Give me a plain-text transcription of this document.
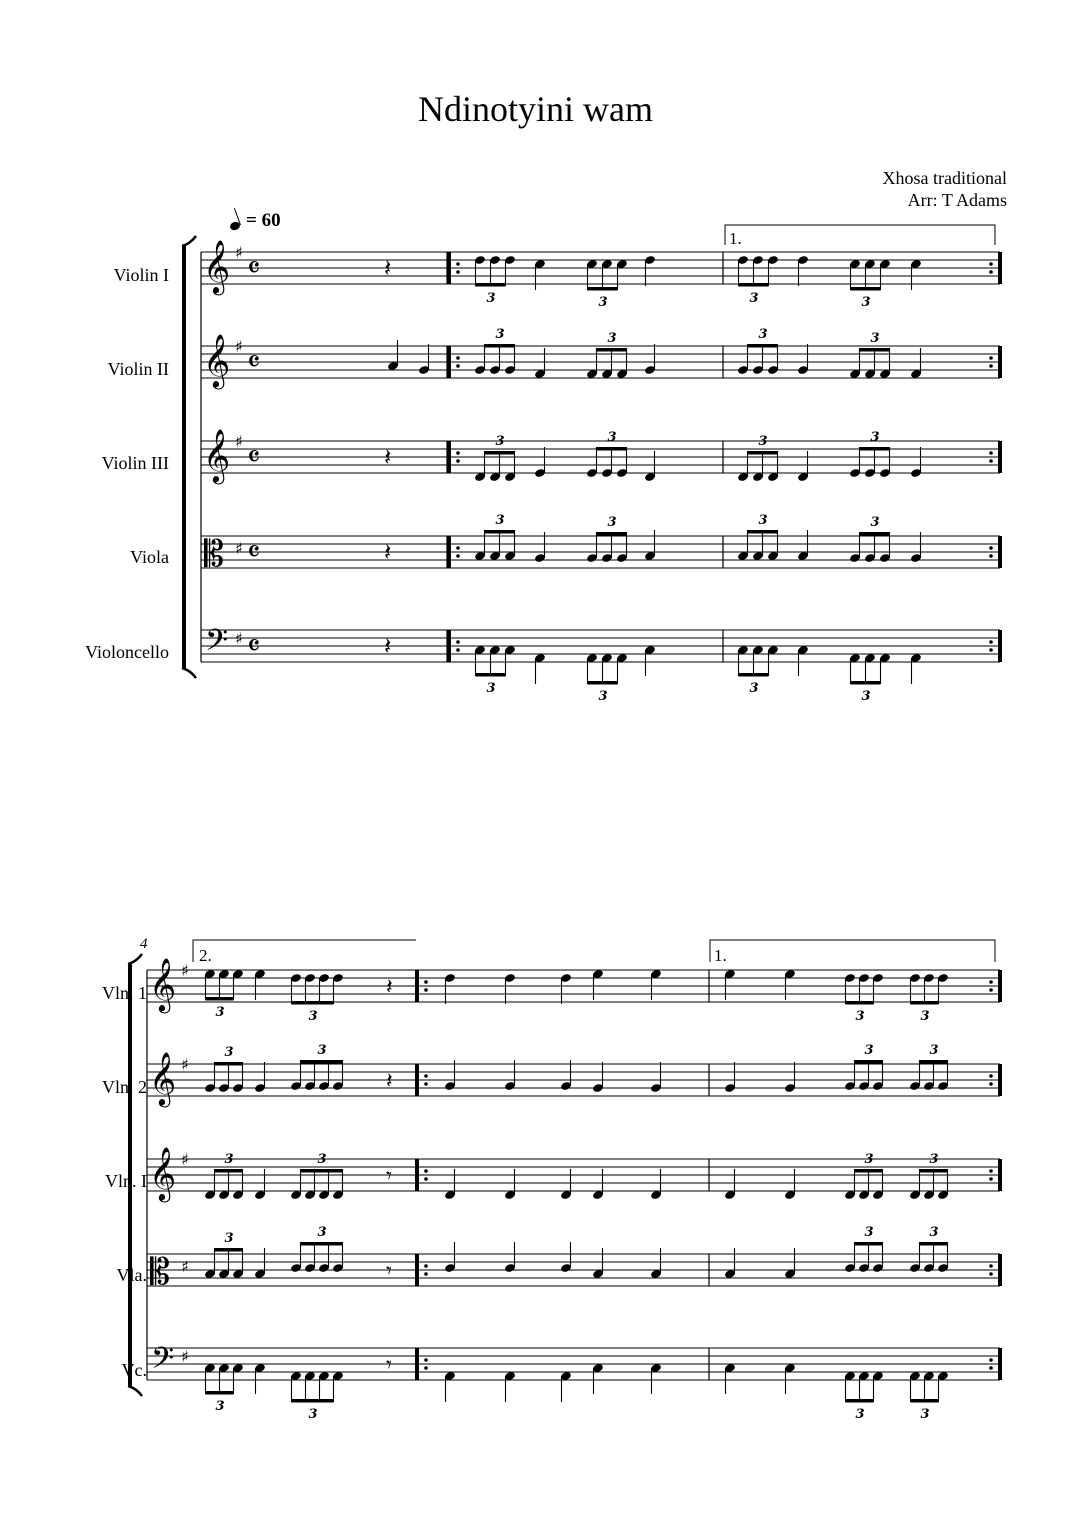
Ndinotyini wam
Xhosa traditional
Arr: T Adams
= 60
𝄞 ♯ 𝄴
𝄞 ♯ 𝄴
𝄞 ♯ 𝄴
𝄡 ♯ 𝄴
𝄢 ♯ 𝄴
𝄞 ♯
𝄞 ♯
𝄞 ♯
𝄡 ♯
𝄢 ♯
𝄽
𝄽
𝄽
𝄽
3	3	3	3
3	3	3	3
3	3	3	3
3	3	3	3
3
3
3
3
3	3
𝄽
3	3
3	3
𝄽
3	3
3	3
𝄾
3	3
3	3
𝄾
3	3
3
3
𝄾
3	3
Violin I
Violin II
Violin III
Viola
Violoncello
1.
4
Vln. 1
Vln. 2
Vln. I
Vla.
Vc.
2.	1.
